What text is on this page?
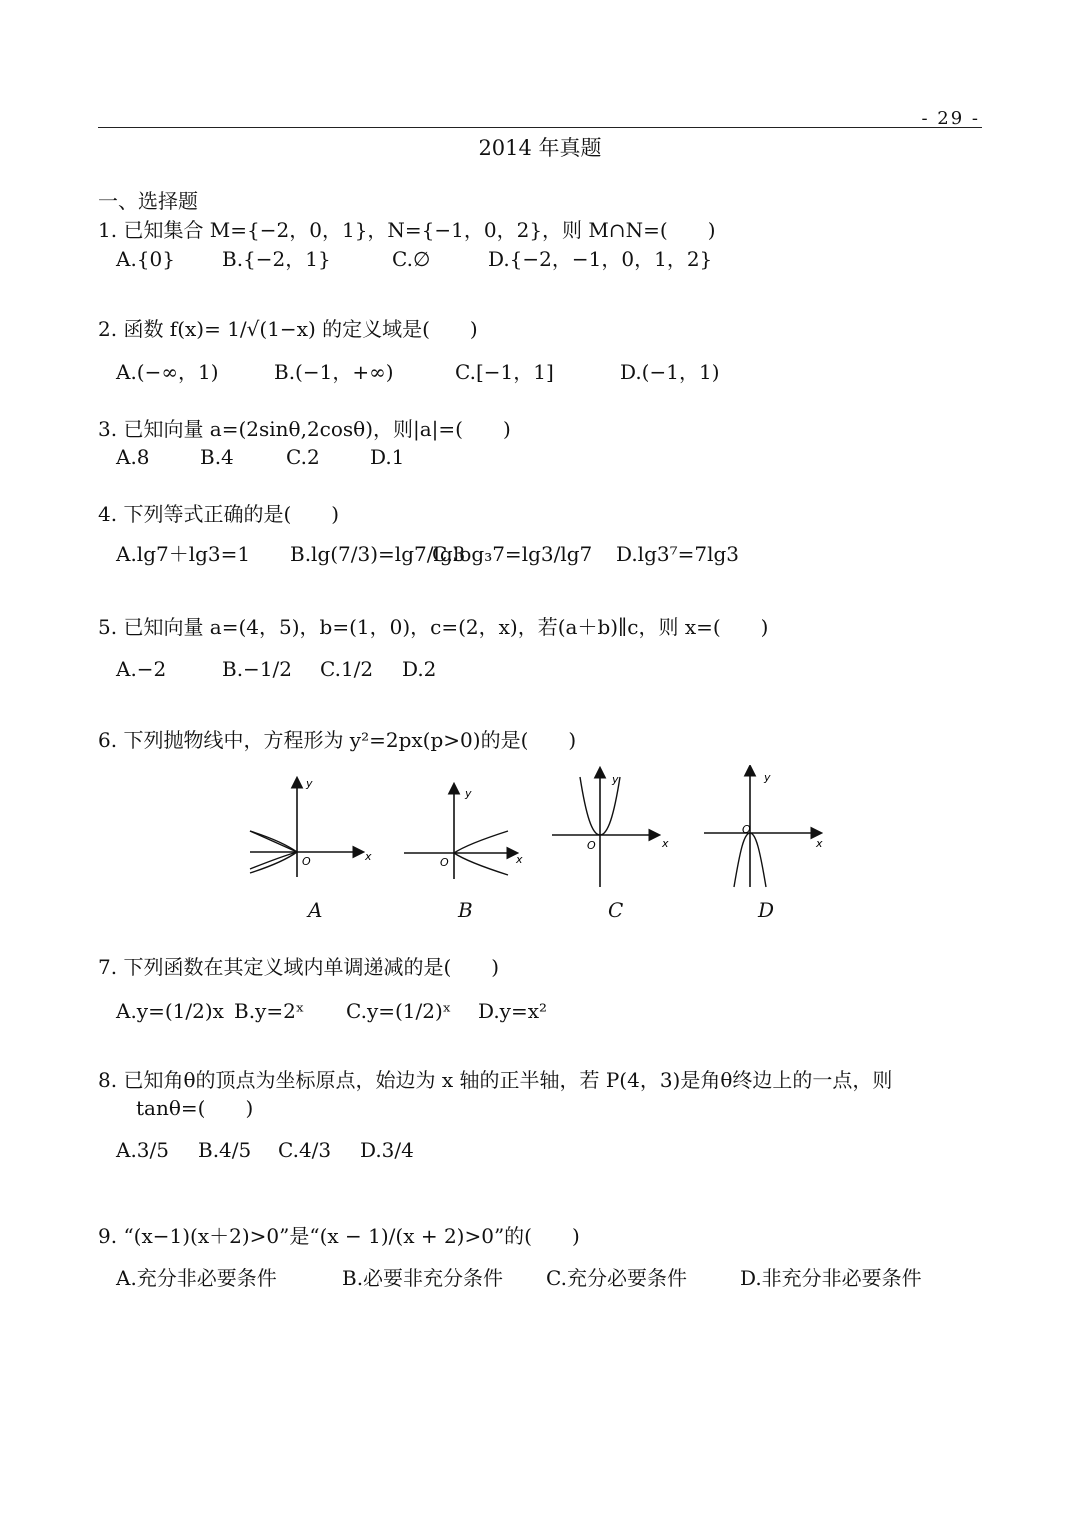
- 29 -
2014 年真题
一、选择题
1. 已知集合 M={−2，0，1}，N={−1，0，2}，则 M∩N=(　　)
A.{0} B.{−2，1}	C.∅	D.{−2，−1，0，1，2}
2. 函数 f(x)= 1/√(1−x) 的定义域是(　　)
A.(−∞，1)	B.(−1，+∞)	C.[−1，1]	D.(−1，1)
3. 已知向量 a=(2sinθ,2cosθ)，则|a|=(　　)
A.8	B.4	C.2	D.1
4. 下列等式正确的是(　　)
A.lg7＋lg3=1 B.lg(7/3)=lg7/lg3
C.log₃7=lg3/lg7 D.lg3⁷=7lg3
5. 已知向量 a=(4，5)，b=(1，0)，c=(2，x)，若(a＋b)∥c，则 x=(　　)
A.−2	B.−1/2 C.1/2 D.2
6. 下列抛物线中，方程形为 y²=2px(p>0)的是(　　)
O	x
y
O	x
y
O	x
y
O
x
y
A	B	C	D
7. 下列函数在其定义域内单调递减的是(　　)
A.y=(1/2)x B.y=2ˣ C.y=(1/2)ˣ D.y=x²
8. 已知角θ的顶点为坐标原点，始边为 x 轴的正半轴，若 P(4，3)是角θ终边上的一点，则
tanθ=(　　)
A.3/5 B.4/5 C.4/3 D.3/4
9. “(x−1)(x＋2)>0”是“(x − 1)/(x + 2)>0”的(　　)
A.充分非必要条件	B.必要非充分条件 C.充分必要条件	D.非充分非必要条件
